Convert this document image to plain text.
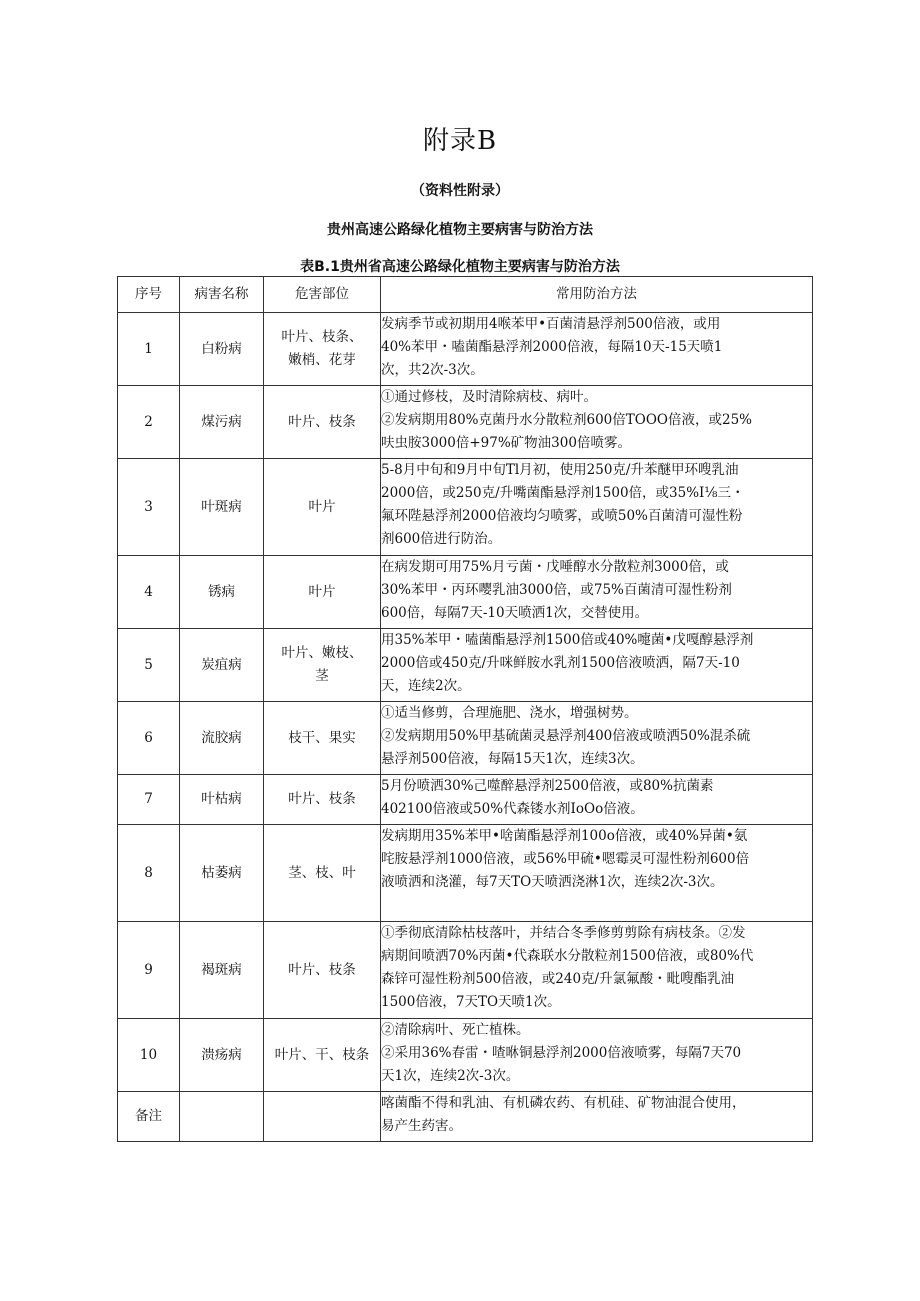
附录B
（资料性附录）
贵州高速公路绿化植物主要病害与防治方法
表B.1贵州省高速公路绿化植物主要病害与防治方法
序号	病害名称	危害部位	常用防治方法
1	白粉病	叶片、枝条、
嫩梢、花芽	发病季节或初期用4喉苯甲•百菌清悬浮剂500倍液，或用
40%苯甲・嗑菌酯悬浮剂2000倍液，每隔10天-15天喷1
次，共2次-3次。

2	煤污病	叶片、枝条	①通过修枝，及时清除病枝、病叶。
②发病期用80%克菌丹水分散粒剂600倍TOOO倍液，或25%
呋虫胺3000倍+97%矿物油300倍喷雾。

3	叶斑病	叶片	5-8月中旬和9月中旬Tl月初，使用250克/升苯醚甲环嗖乳油
2000倍，或250克/升嘴菌酯悬浮剂1500倍，或35%I⅛三・
氟环陛悬浮剂2000倍液均匀喷雾，或喷50%百菌清可湿性粉
剂600倍进行防治。

4	锈病	叶片	在病发期可用75%月亏菌・戊唾醇水分散粒剂3000倍，或
30%苯甲・丙环嘤乳油3000倍，或75%百菌清可湿性粉剂
600倍，每隔7天-10天喷洒1次，交替使用。

5	炭疽病	叶片、嫩枝、
茎	用35%苯甲・嗑菌酯悬浮剂1500倍或40%嚏菌•戊嘎醇悬浮剂
2000倍或450克/升咪鲜胺水乳剂1500倍液喷洒，隔7天-10
天，连续2次。

6	流胶病	枝干、果实	①适当修剪，合理施肥、浇水，增强树势。
②发病期用50%甲基硫菌灵悬浮剂400倍液或喷洒50%混杀硫
悬浮剂500倍液，每隔15天1次，连续3次。

7	叶枯病	叶片、枝条	5月份喷洒30%己噬醉悬浮剂2500倍液，或80%抗菌素
402100倍液或50%代森镂水剂IoOo倍液。

8	枯萎病	茎、枝、叶	发病期用35%苯甲•啥菌酯悬浮剂100o倍液，或40%异菌•氨
咤胺悬浮剂1000倍液，或56%甲硫•嗯霉灵可湿性粉剂600倍
液喷洒和浇灌，每7天TO天喷洒浇淋1次，连续2次-3次。

9	褐斑病	叶片、枝条	①季彻底清除枯枝落叶，并结合冬季修剪剪除有病枝条。②发
病期间喷洒70%丙菌•代森联水分散粒剂1500倍液，或80%代
森锌可湿性粉剂500倍液，或240克/升氯氟酸・毗嗖酯乳油
1500倍液，7天TO天喷1次。

10	溃疡病	叶片、干、枝条	②清除病叶、死亡植株。
②采用36%春雷・喳咻铜悬浮剂2000倍液喷雾，每隔7天70
天1次，连续2次-3次。

备注			喀菌酯不得和乳油、有机磷农药、有机硅、矿物油混合使用，
易产生药害。
